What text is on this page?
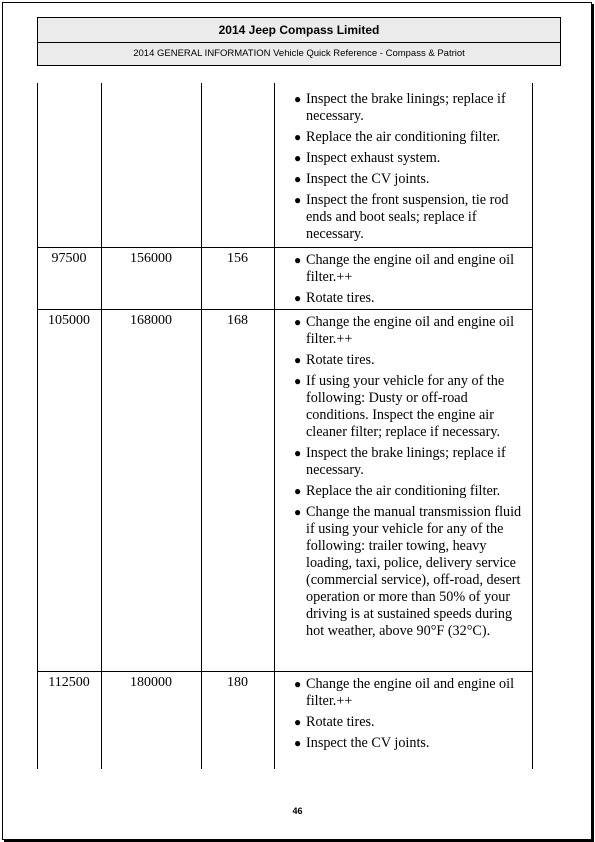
2014 Jeep Compass Limited
2014 GENERAL INFORMATION Vehicle Quick Reference - Compass & Patriot
● Inspect the brake linings; replace if necessary.
● Replace the air conditioning filter.
● Inspect exhaust system.
● Inspect the CV joints.
● Inspect the front suspension, tie rod ends and boot seals; replace if necessary.
97500	156000	156	● Change the engine oil and engine oil filter.++
● Rotate tires.
105000	168000	168	● Change the engine oil and engine oil filter.++
● Rotate tires.
● If using your vehicle for any of the following: Dusty or off-road conditions. Inspect the engine air cleaner filter; replace if necessary.
● Inspect the brake linings; replace if necessary.
● Replace the air conditioning filter.
● Change the manual transmission fluid if using your vehicle for any of the following: trailer towing, heavy loading, taxi, police, delivery service (commercial service), off-road, desert operation or more than 50% of your driving is at sustained speeds during hot weather, above 90°F (32°C).
112500	180000	180	● Change the engine oil and engine oil filter.++
● Rotate tires.
● Inspect the CV joints.
46
